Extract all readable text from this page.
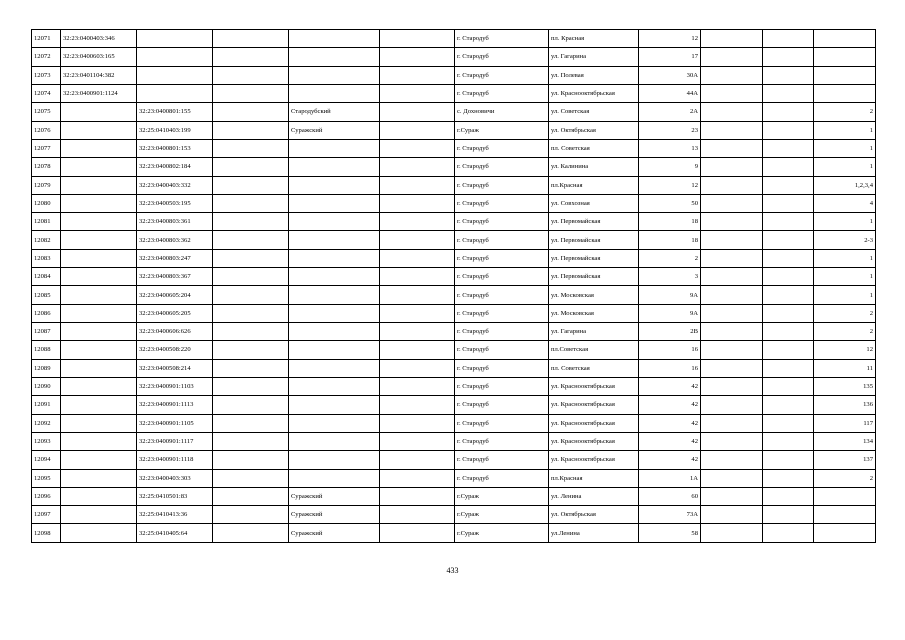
12071	32:23:0400403:346					г. Стародуб	пл. Красная	12			
12072	32:23:0400603:165					г. Стародуб	ул. Гагарина	17			
12073	32:23:0401104:382					г. Стародуб	ул. Полевая	30А			
12074	32:23:0400901:1124					г. Стародуб	ул. Краснооктябрьская	44А			
12075		32:23:0400801:155		Стародубский		с. Дохновичи	ул. Советская	2А			2
12076		32:25:0410403:199		Суражский		г.Сураж	ул. Октябрьская	23			1
12077		32:23:0400801:153				г. Стародуб	пл. Советская	13			1
12078		32:23:0400802:184				г. Стародуб	ул. Калинина	9			1
12079		32:23:0400403:332				г. Стародуб	пл.Красная	12			1,2,3,4
12080		32:23:0400503:195				г. Стародуб	ул. Совхозная	50			4
12081		32:23:0400803:361				г. Стародуб	ул. Первомайская	18			1
12082		32:23:0400803:362				г. Стародуб	ул. Первомайская	18			2-3
12083		32:23:0400803:247				г. Стародуб	ул. Первомайская	2			1
12084		32:23:0400803:367				г. Стародуб	ул. Первомайская	3			1
12085		32:23:0400605:204				г. Стародуб	ул. Московская	9А			1
12086		32:23:0400605:205				г. Стародуб	ул. Московская	9А			2
12087		32:23:0400606:626				г. Стародуб	ул. Гагарина	2В			2
12088		32:23:0400508:220				г. Стародуб	пл.Советская	16			12
12089		32:23:0400508:214				г. Стародуб	пл. Советская	16			11
12090		32:23:0400901:1103				г. Стародуб	ул. Краснооктябрьская	42			135
12091		32:23:0400901:1113				г. Стародуб	ул. Краснооктябрьская	42			136
12092		32:23:0400901:1105				г. Стародуб	ул. Краснооктябрьская	42			117
12093		32:23:0400901:1117				г. Стародуб	ул. Краснооктябрьская	42			134
12094		32:23:0400901:1118				г. Стародуб	ул. Краснооктябрьская	42			137
12095		32:23:0400403:303				г. Стародуб	пл.Красная	1А			2
12096		32:25:0410501:83		Суражский		г.Сураж	ул. Ленина	60			
12097		32:25:0410413:36		Суражский		г.Сураж	ул. Октябрьская	73А			
12098		32:25:0410405:64		Суражский		г.Сураж	ул.Ленина	58			
433
